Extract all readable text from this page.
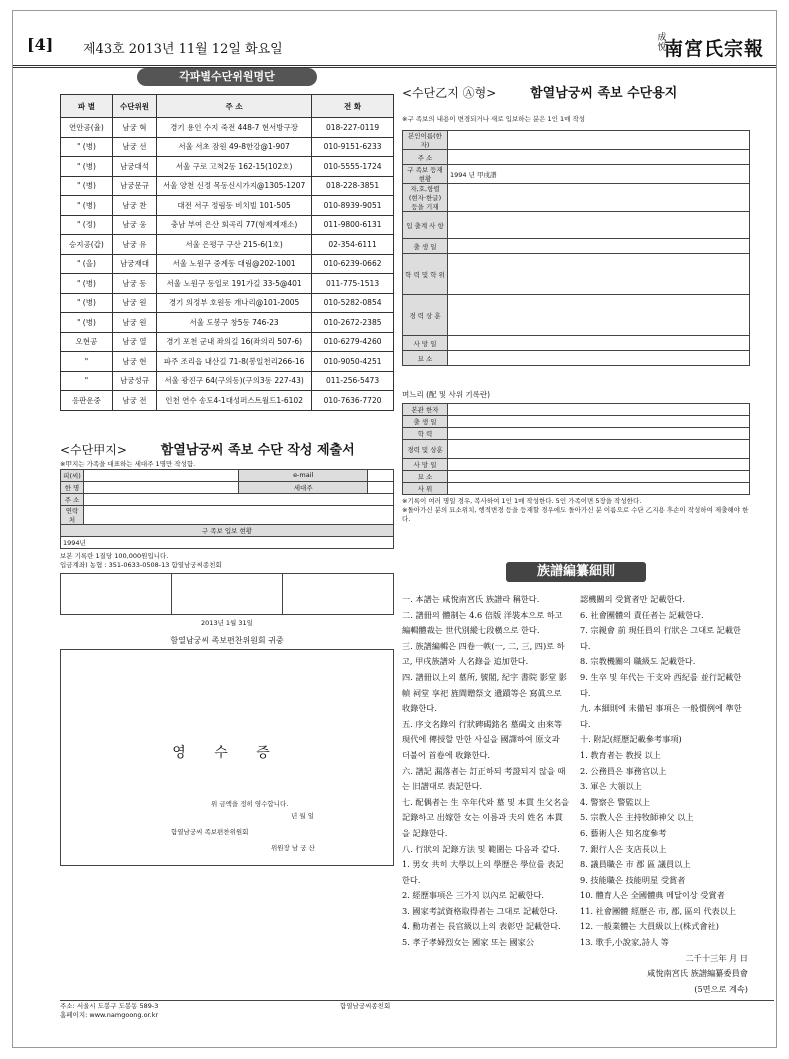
[4] 제43호 2013년 11월 12일 화요일
成悅
南宮氏宗報
각파별수단위원명단
파 별	수단위원	주 소	전 화
연안공(율)	남궁 혁	경기 용인 수지 죽전 448-7 현서방구장	018-227-0119
" (병)	남궁 선	서울 서초 잠원 49-8한강@1-907	010-9151-6233
" (병)	남궁대석	서울 구로 고척2동 162-15(102호)	010-5555-1724
" (병)	남궁문규	서울 양천 신정 목동신시가지@1305-1207	018-228-3851
" (병)	남궁 찬	대전 서구 정림동 비치빌 101-505	010-8939-9051
" (정)	남궁 웅	충남 부여 은산 회곡리 77(형제제재소)	011-9800-6131
승지공(갑)	남궁 유	서울 은평구 구산 215-6(1호)	02-354-6111
" (을)	남궁재대	서울 노원구 중계동 대림@202-1001	010-6239-0662
" (병)	남궁 동	서울 노원구 동일로 191가길 33-5@401	011-775-1513
" (병)	남궁 원	경기 의정부 호원동 개나리@101-2005	010-5282-0854
" (병)	남궁 원	서울 도봉구 창5동 746-23	010-2672-2385
오현공	남궁 열	경기 포천 군내 좌의길 16(좌의리 507-6)	010-6279-4260
"	남궁 현	파주 조리읍 내산길 71-8(봉일천리266-16	010-9050-4251
"	남궁성규	서울 광진구 64(구의동)(구의3동 227-43)	011-256-5473
응판운중	남궁 전	인천 연수 송도4-1대성퍼스트월드1-6102	010-7636-7720
<수단甲지>	함열남궁씨 족보 수단 작성 제출서
※甲지는 가족을 대표하는 세대주 1명만 작성함.
피(씨)		e-mail	
한 명		세대주	
주 소			
연락처			
구 족보 입보 현황			
1994년			
보본 기록란 1질당 100,000원입니다.
입금계좌) 농협 : 351-0633-0508-13 함열남궁씨종친회

2013년 1월 31일
함열남궁씨 족보편찬위원회 귀중
영 수 증
위 금액을 정히 영수합니다.
년 월 일
함열남궁씨 족보편찬위원회
위원장 남 궁 산
<수단乙지 Ⓐ형>	함열남궁씨 족보 수단용지
※구 족보의 내용이 변경되거나 새로 입보하는 분은 1인 1매 작성
본인이름(한 자)	
주 소	
구 족보 등재현황	1994 년 甲戌譜
자,호,항렬 (현자·한글) 등을 기재	
입 출계 사 항	
출 생 일	
학 력 및 학 위	
경 력 상 훈	
사 망 일	
묘 소	
며느리 (配 및 사위 기록란)
본관 한자	
출 생 일	
학 력	
경력 및 상훈	
사 망 일	
묘 소	
사 위	
※기록이 여러 명일 경우, 복사하여 1인 1매 작성한다. 5인 가족이면 5장을 작성한다.
※돌아가신 분의 묘소위치, 행적변경 등을 등재할 경우에도 돌아가신 분 이름으로 수단 乙지용 후손이 작성하여 제출해야 한다.
族譜編纂細則
一. 本譜는 咸悅南宮氏 族譜라 稱한다.
二. 譜冊의 體制는 4.6 倍版 洋裝本으로 하고 編輯體裁는 世代別縱七段橫으로 한다.
三. 族譜編輯은 四卷一帙(一, 二, 三, 四)로 하고, 甲戌族譜와 人名錄을 追加한다.
四. 譜冊以上의 墓所, 號閣, 紀字 書院 影堂 影幀 祠堂 享祀 旌閭贈祭文 遺蹟等은 寫眞으로 收錄한다.
五. 序文名錄의 行狀碑碣銘名 墓碣文 由來等 現代에 傳授할 만한 사실을 國譯하여 原文과 더불어 首卷에 收錄한다.
六. 譜記 漏落者는 訂正하되 考證되지 않을 때는 旧譜대로 表記한다.
七. 配偶者는 生 卒年代와 墓 및 本貫 生父名을 記錄하고 出嫁한 女는 이름과 夫의 姓名 本貫을 記錄한다.
八. 行狀의 記錄方法 및 範圍는 다음과 같다.
1. 男女 共히 大學以上의 學歷은 學位를 表記한다.
2. 經歷事項은 三가지 以內로 記載한다.
3. 國家考試資格取得者는 그대로 記載한다.
4. 勳功者는 長官級以上의 表彰만 記載한다.
5. 孝子孝婦烈女는 國家 또는 國家公
認機關의 受賞者만 記載한다.
6. 社會團體의 責任者는 記載한다.
7. 宗親會 前 現任員의 行狀은 그대로 記載한다.
8. 宗教機關의 職級도 記載한다.
9. 生卒 및 年代는 干支와 西紀를 並行記載한다.
九. 本細則에 未備된 事項은 一般慣例에 準한다.
十. 附記(經歷記載參考事項)
1. 教育者는 教授 以上
2. 公務員은 事務官以上
3. 軍은 大領以上
4. 警察은 警監以上
5. 宗教人은 主持牧師神父 以上
6. 藝術人은 知名度參考
7. 銀行人은 支店長以上
8. 議員職은 市 郡 區 議員以上
9. 技能職은 技能明星 受賞者
10. 體育人은 全國體典 메달이상 受賞者
11. 社會團體 經歷은 市, 郡, 區의 代表以上
12. 一般業體는 大員級以上(株式會社)
13. 歌手,小說家,詩人 等
二千十三年 月 日
咸悅南宮氏 族譜編纂委員會
(5면으로 계속)
주소: 서울시 도봉구 도봉동 589-3
홈페이지: www.namgoong.or.kr
함열남궁씨종친회
